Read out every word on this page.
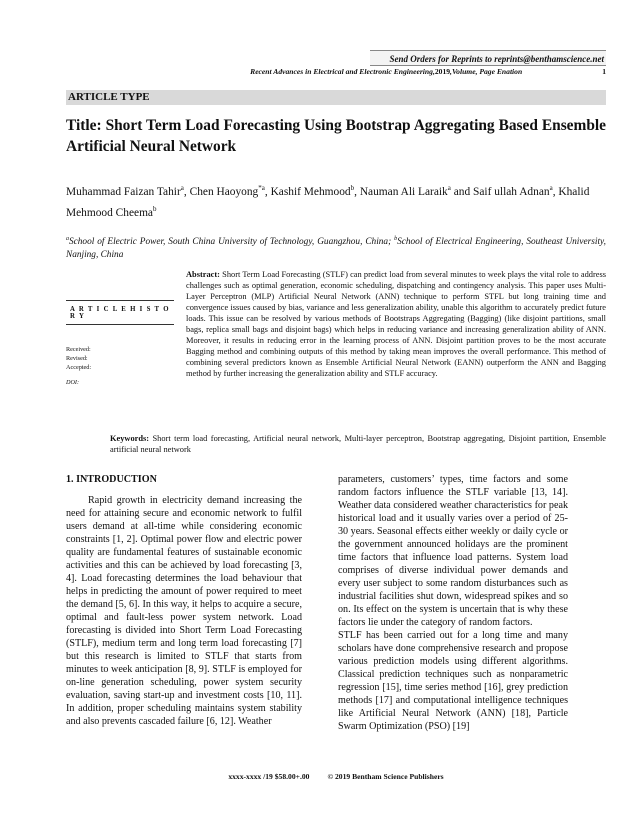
Send Orders for Reprints to reprints@benthamscience.net
Recent Advances in Electrical and Electronic Engineering , 2019 , Volume, Page Enation	1
ARTICLE TYPE
Title: Short Term Load Forecasting Using Bootstrap Aggregating Based Ensemble Artificial Neural Network

Muhammad Faizan Tahir$^a$, Chen Haoyong$^{*a}$, Kashif Mehmood$^b$, Nauman Ali Laraik$^a$ and Saif ullah Adnan$^a$, Khalid Mehmood Cheema$^b$

$^a$School of Electric Power, South China University of Technology, Guangzhou, China; $^b$School of Electrical Engineering, Southeast University, Nanjing, China

A R T I C L E H I S T O R Y
Received:
Revised:
Accepted:
DOI:

Abstract: Short Term Load Forecasting (STLF) can predict load from several minutes to week plays the vital role to address challenges such as optimal generation, economic scheduling, dispatching and contingency analysis. This paper uses Multi-Layer Perceptron (MLP) Artificial Neural Network (ANN) technique to perform STFL but long training time and convergence issues caused by bias, variance and less generalization ability, unable this algorithm to accurately predict future loads. This issue can be resolved by various methods of Bootstraps Aggregating (Bagging) (like disjoint partitions, small bags, replica small bags and disjoint bags) which helps in reducing variance and increasing generalization ability of ANN. Moreover, it results in reducing error in the learning process of ANN. Disjoint partition proves to be the most accurate Bagging method and combining outputs of this method by taking mean improves the overall performance. This method of combining several predictors known as Ensemble Artificial Neural Network (EANN) outperform the ANN and Bagging method by further increasing the generalization ability and STLF accuracy.

Keywords: Short term load forecasting, Artificial neural network, Multi-layer perceptron, Bootstrap aggregating, Disjoint partition, Ensemble artificial neural network

1. INTRODUCTION

Rapid growth in electricity demand increasing the need for attaining secure and economic network to fulfil users demand at all-time while considering economic constraints [1, 2]. Optimal power flow and electric power quality are fundamental features of sustainable economic activities and this can be achieved by load forecasting [3, 4]. Load forecasting determines the load behaviour that helps in predicting the amount of power required to meet the demand [5, 6]. In this way, it helps to acquire a secure, optimal and fault-less power system network. Load forecasting is divided into Short Term Load Forecasting (STLF), medium term and long term load forecasting [7] but this research is limited to STLF that starts from minutes to week anticipation [8, 9]. STLF is employed for on-line generation scheduling, power system security evaluation, saving start-up and investment costs [10, 11]. In addition, proper scheduling maintains system stability and also prevents cascaded failure [6, 12]. Weather

parameters, customers’ types, time factors and some random factors influence the STLF variable [13, 14]. Weather data considered weather characteristics for peak historical load and it usually varies over a period of 25-30 years. Seasonal effects either weekly or daily cycle or the government announced holidays are the prominent time factors that influence load patterns. System load comprises of diverse individual power demands and every user subject to some random disturbances such as industrial facilities shut down, widespread spikes and so on. Its effect on the system is uncertain that is why these factors lie under the category of random factors.

STLF has been carried out for a long time and many scholars have done comprehensive research and propose various prediction models using different algorithms. Classical prediction techniques such as nonparametric regression [15], time series method [16], grey prediction methods [17] and computational intelligence techniques like Artificial Neural Network (ANN) [18], Particle Swarm Optimization (PSO) [19]

xxxx-xxxx /19 $58.00+.00 © 2019 Bentham Science Publishers
